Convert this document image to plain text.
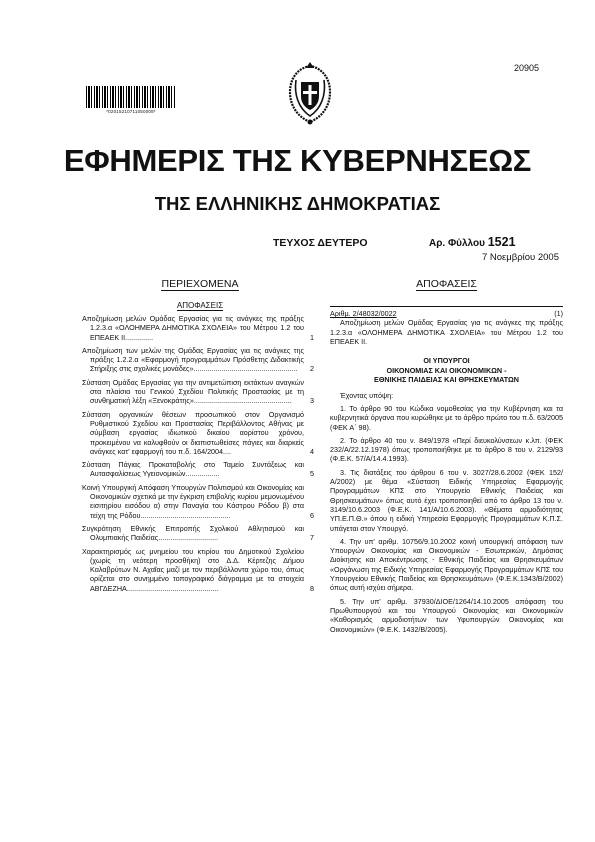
20905
*02015210711050008*
ΕΦΗΜΕΡΙΣ ΤΗΣ ΚΥΒΕΡΝΗΣΕΩΣ
ΤΗΣ ΕΛΛΗΝΙΚΗΣ ΔΗΜΟΚΡΑΤΙΑΣ
ΤΕΥΧΟΣ ΔΕΥΤΕΡΟ	Αρ. Φύλλου 1521
7 Νοεμβρίου 2005
ΠΕΡΙΕΧΟΜΕΝΑ
ΑΠΟΦΑΣΕΙΣ
Αποζημίωση μελών Ομάδας Εργασίας για τις ανάγκες της πράξης 1.2.3.α «ΟΛΟΗΜΕΡΑ ΔΗΜΟΤΙΚΑ ΣΧΟΛΕΙΑ» του Μέτρου 1.2 του ΕΠΕΑΕΚ II..............	1
Αποζημίωση των μελών της Ομάδας Εργασίας για τις ανάγκες της πράξης 1.2.2.α «Εφαρμογή προγραμμάτων Πρόσθετης Διδακτικής Στήριξης στις σχολικές μονάδες».................................................... 2
Σύσταση Ομάδας Εργασίας για την αντιμετώπιση εκτάκτων αναγκών στα πλαίσια του Γενικού Σχεδίου Πολιτικής Προστασίας με τη συνθηματική λέξη «Ξενοκράτης».................................................	3
Σύσταση οργανικών θέσεων προσωπικού στον Οργανισμό Ρυθμιστικού Σχεδίου και Προστασίας Περιβάλλοντος Αθήνας με σύμβαση εργασίας ιδιωτικού δικαίου αορίστου χρόνου, προκειμένου να καλυφθούν οι διαπιστωθείσες πάγιες και διαρκείς ανάγκες κατ' εφαρμογή του π.δ. 164/2004....	4
Σύσταση Πάγιας Προκαταβολής στο Ταμείο Συντάξεως και Αυτασφαλίσεως Υγειονομικών.................	5
Κοινή Υπουργική Απόφαση Υπουργών Πολιτισμού και Οικονομίας και Οικονομικών σχετικά με την έγκριση επιβολής κυρίου μεμονωμένου εισιτηρίου εισόδου α) στην Παναγία του Κάστρου Ρόδου β) στα τείχη της Ρόδου.............................................	6
Συγκρότηση Εθνικής Επιτροπής Σχολικού Αθλητισμού και Ολυμπιακής Παιδείας..............................	7
Χαρακτηρισμός ως μνημείου του κτιρίου του Δημοτικού Σχολείου (χωρίς τη νεότερη προσθήκη) στο Δ.Δ. Κέρτεζης Δήμου Καλαβρύτων Ν. Αχαΐας μαζί με τον περιβάλλοντα χώρο του, όπως ορίζεται στο συνημμένο τοπογραφικό διάγραμμα με τα στοιχεία ΑΒΓΔΕΖΗΑ..............................................	8
ΑΠΟΦΑΣΕΙΣ
Αριθμ. 2/48032/0022	(1)

Αποζημίωση μελών Ομάδας Εργασίας για τις ανάγκες της πράξης 1.2.3.α «ΟΛΟΗΜΕΡΑ ΔΗΜΟΤΙΚΑ ΣΧΟΛΕΙΑ» του Μέτρου 1.2 του ΕΠΕΑΕΚ II.

ΟΙ ΥΠΟΥΡΓΟΙ
ΟΙΚΟΝΟΜΙΑΣ ΚΑΙ ΟΙΚΟΝΟΜΙΚΩΝ -
ΕΘΝΙΚΗΣ ΠΑΙΔΕΙΑΣ ΚΑΙ ΘΡΗΣΚΕΥΜΑΤΩΝ

Έχοντας υπόψη:

1. Το άρθρο 90 του Κώδικα νομοθεσίας για την Κυβέρνηση και τα κυβερνητικά όργανα που κυρώθηκε με το άρθρο πρώτο του π.δ. 63/2005 (ΦΕΚ Α΄ 98).

2. Το άρθρο 40 του ν. 849/1978 «Περί διευκολύνσεων κ.λπ. (ΦΕΚ 232/Α/22.12.1978) όπως τροποποιήθηκε με το άρθρο 8 του ν. 2129/93 (Φ.Ε.Κ. 57/Α/14.4.1993).

3. Τις διατάξεις του άρθρου 6 του ν. 3027/28.6.2002 (ΦΕΚ 152/Α/2002) με θέμα «Σύσταση Ειδικής Υπηρεσίας Εφαρμογής Προγραμμάτων ΚΠΣ στο Υπουργείο Εθνικής Παιδείας και Θρησκευμάτων» όπως αυτό έχει τροποποιηθεί από το άρθρο 13 του ν. 3149/10.6.2003 (Φ.Ε.Κ. 141/Α/10.6.2003). «Θέματα αρμοδιότητας ΥΠ.Ε.Π.Θ.» όπου η ειδική Υπηρεσία Εφαρμογής Προγραμμάτων Κ.Π.Σ. υπάγεται στον Υπουργό.

4. Την υπ' αριθμ. 10756/9.10.2002 κοινή υπουργική απόφαση των Υπουργών Οικονομίας και Οικονομικών - Εσωτερικών, Δημόσιας Διοίκησης και Αποκέντρωσης - Εθνικής Παιδείας και Θρησκευμάτων «Οργάνωση της Ειδικής Υπηρεσίας Εφαρμογής Προγραμμάτων ΚΠΣ του Υπουργείου Εθνικής Παιδείας και Θρησκευμάτων» (Φ.Ε.Κ.1343/Β/2002) όπως αυτή ισχύει σήμερα.

5. Την υπ' αριθμ. 37930/ΔΙΟΕ/1264/14.10.2005 απόφαση του Πρωθυπουργού και του Υπουργού Οικονομίας και Οικονομικών «Καθορισμός αρμοδιοτήτων των Υφυπουργών Οικονομίας και Οικονομικών» (Φ.Ε.Κ. 1432/Β/2005).
